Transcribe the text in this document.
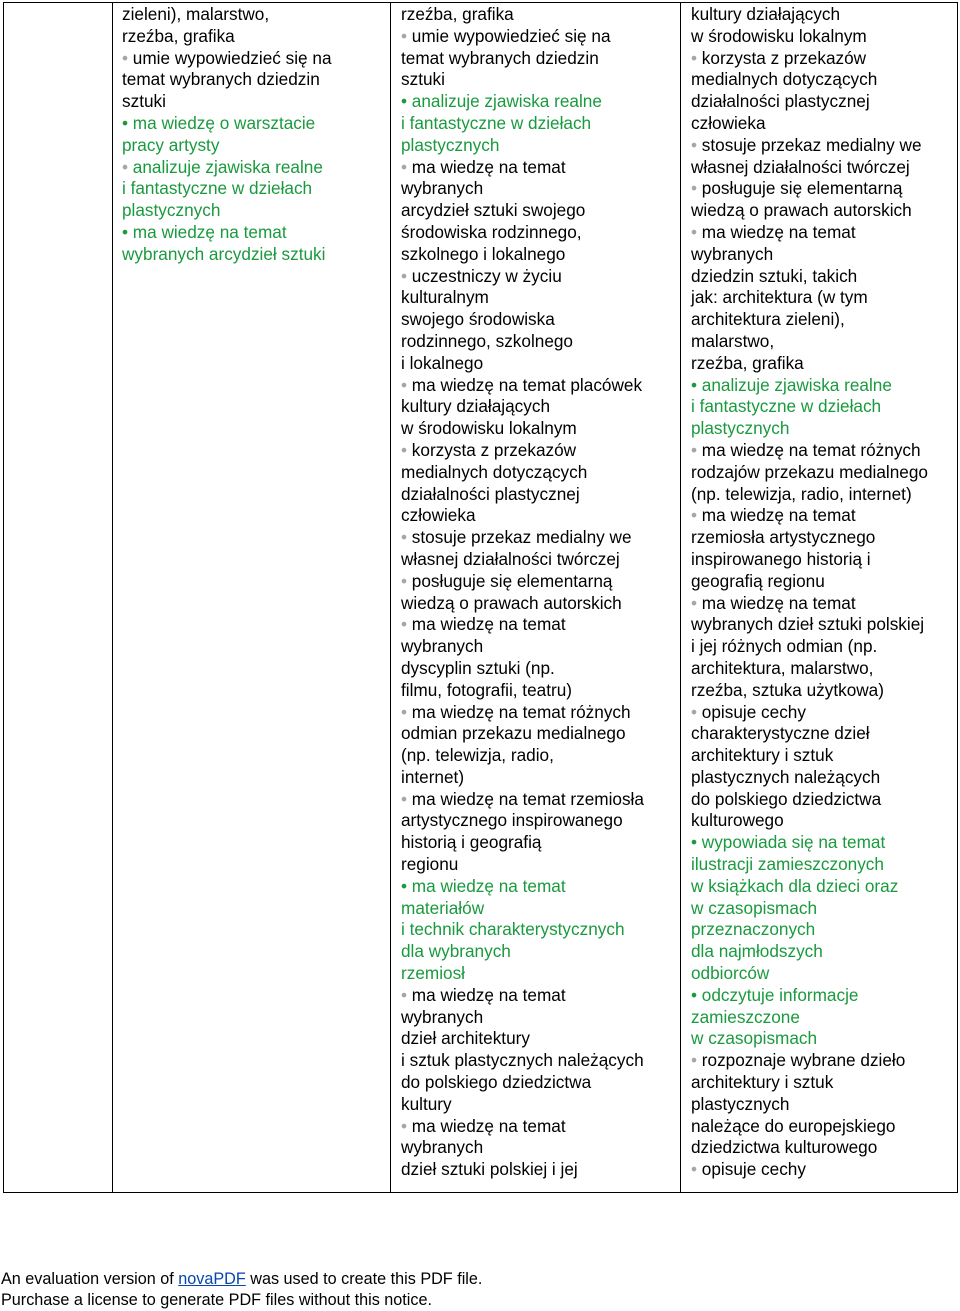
zieleni), malarstwo,
rzeźba, grafika
• umie wypowiedzieć się na
temat wybranych dziedzin
sztuki
• ma wiedzę o warsztacie
pracy artysty
• analizuje zjawiska realne
i fantastyczne w dziełach
plastycznych
• ma wiedzę na temat
wybranych arcydzieł sztuki
rzeźba, grafika
• umie wypowiedzieć się na
temat wybranych dziedzin
sztuki
• analizuje zjawiska realne
i fantastyczne w dziełach
plastycznych
• ma wiedzę na temat
wybranych
arcydzieł sztuki swojego
środowiska rodzinnego,
szkolnego i lokalnego
• uczestniczy w życiu
kulturalnym
swojego środowiska
rodzinnego, szkolnego
i lokalnego
• ma wiedzę na temat placówek
kultury działających
w środowisku lokalnym
• korzysta z przekazów
medialnych dotyczących
działalności plastycznej
człowieka
• stosuje przekaz medialny we
własnej działalności twórczej
• posługuje się elementarną
wiedzą o prawach autorskich
• ma wiedzę na temat
wybranych
dyscyplin sztuki (np.
filmu, fotografii, teatru)
• ma wiedzę na temat różnych
odmian przekazu medialnego
(np. telewizja, radio,
internet)
• ma wiedzę na temat rzemiosła
artystycznego inspirowanego
historią i geografią
regionu
• ma wiedzę na temat
materiałów
i technik charakterystycznych
dla wybranych
rzemiosł
• ma wiedzę na temat
wybranych
dzieł architektury
i sztuk plastycznych należących
do polskiego dziedzictwa
kultury
• ma wiedzę na temat
wybranych
dzieł sztuki polskiej i jej
kultury działających
w środowisku lokalnym
• korzysta z przekazów
medialnych dotyczących
działalności plastycznej
człowieka
• stosuje przekaz medialny we
własnej działalności twórczej
• posługuje się elementarną
wiedzą o prawach autorskich
• ma wiedzę na temat
wybranych
dziedzin sztuki, takich
jak: architektura (w tym
architektura zieleni),
malarstwo,
rzeźba, grafika
• analizuje zjawiska realne
i fantastyczne w dziełach
plastycznych
• ma wiedzę na temat różnych
rodzajów przekazu medialnego
(np. telewizja, radio, internet)
• ma wiedzę na temat
rzemiosła artystycznego
inspirowanego historią i
geografią regionu
• ma wiedzę na temat
wybranych dzieł sztuki polskiej
i jej różnych odmian (np.
architektura, malarstwo,
rzeźba, sztuka użytkowa)
• opisuje cechy
charakterystyczne dzieł
architektury i sztuk
plastycznych należących
do polskiego dziedzictwa
kulturowego
• wypowiada się na temat
ilustracji zamieszczonych
w książkach dla dzieci oraz
w czasopismach
przeznaczonych
dla najmłodszych
odbiorców
• odczytuje informacje
zamieszczone
w czasopismach
• rozpoznaje wybrane dzieło
architektury i sztuk
plastycznych
należące do europejskiego
dziedzictwa kulturowego
• opisuje cechy
An evaluation version of novaPDF was used to create this PDF file.
Purchase a license to generate PDF files without this notice.
